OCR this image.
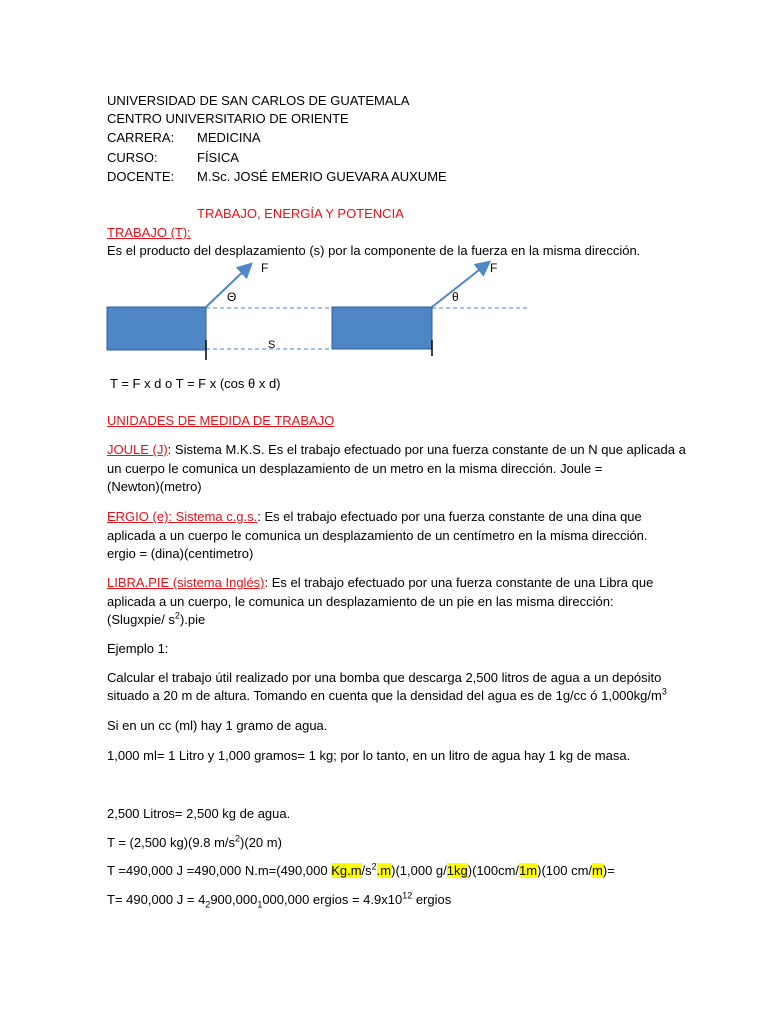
UNIVERSIDAD DE SAN CARLOS DE GUATEMALA
CENTRO UNIVERSITARIO DE ORIENTE
CARRERA: MEDICINA
CURSO:	FÍSICA
DOCENTE: M.Sc. JOSÉ EMERIO GUEVARA AUXUME
TRABAJO, ENERGÍA Y POTENCIA
TRABAJO (T):
Es el producto del desplazamiento (s) por la componente de la fuerza en la misma dirección.
F
Θ
F
θ
S
T = F x d o T = F x (cos θ x d)
UNIDADES DE MEDIDA DE TRABAJO
JOULE (J): Sistema M.K.S. Es el trabajo efectuado por una fuerza constante de un N que aplicada a
un cuerpo le comunica un desplazamiento de un metro en la misma dirección. Joule =
(Newton)(metro)
ERGIO (e): Sistema c.g.s.: Es el trabajo efectuado por una fuerza constante de una dina que
aplicada a un cuerpo le comunica un desplazamiento de un centímetro en la misma dirección.
ergio = (dina)(centimetro)
LIBRA.PIE (sistema Inglés): Es el trabajo efectuado por una fuerza constante de una Libra que
aplicada a un cuerpo, le comunica un desplazamiento de un pie en las misma dirección:
(Slugxpie/ $s^2).pie$
Ejemplo 1:
Calcular el trabajo útil realizado por una bomba que descarga 2,500 litros de agua a un depósito
situado a 20 m de altura. Tomando en cuenta que la densidad del agua es de 1g/cc ó $1,000kg/m^3$
Si en un cc (ml) hay 1 gramo de agua.
1,000 ml= 1 Litro y 1,000 gramos= 1 kg; por lo tanto, en un litro de agua hay 1 kg de masa.
2,500 Litros= 2,500 kg de agua.
T = (2,500 kg)(9.8 $m/s^2)(20$ m)
T =490,000 J =490,000 N.m=(490,000 $Kg.m/s^2.m)(1,000$ g/1kg)(100cm/1m)(100 cm/m)=
T= 490,000 $J = 4_2900,000_1000,000$ ergios = $4.9x10^{12}$ ergios
